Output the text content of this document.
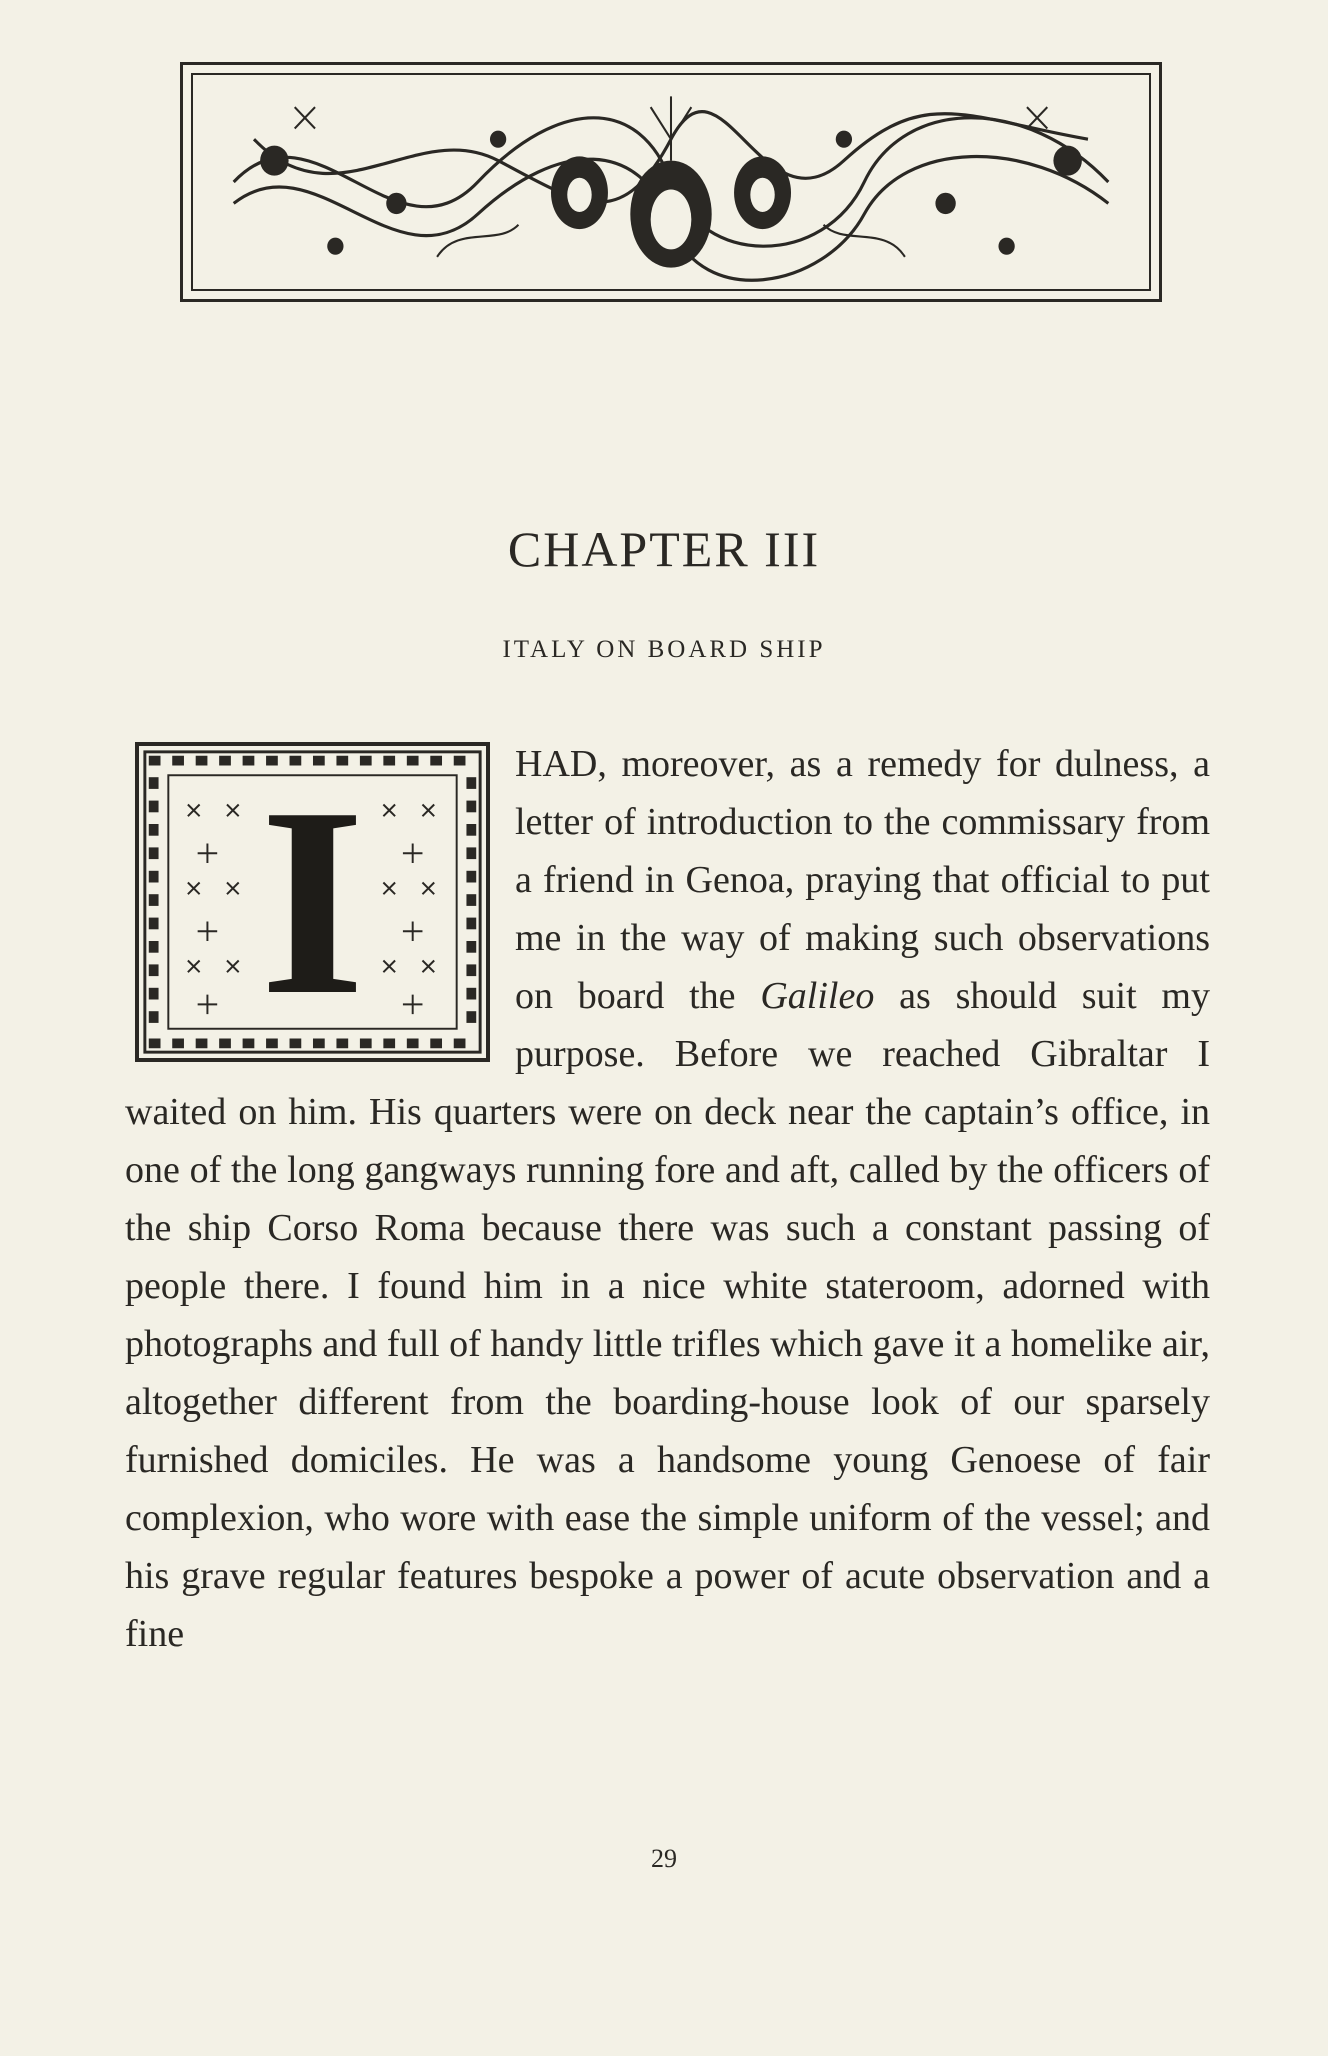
CHAPTER III
ITALY ON BOARD SHIP

HAD, moreover, as a remedy for dulness, a letter of introduction to the commissary from a friend in Genoa, praying that official to put me in the way of making such observations on board the Galileo as should suit my purpose. Before we reached Gibraltar I waited on him. His quarters were on deck near the captain’s office, in one of the long gangways running fore and aft, called by the officers of the ship Corso Roma because there was such a constant passing of people there. I found him in a nice white stateroom, adorned with photographs and full of handy little trifles which gave it a homelike air, altogether different from the boarding-house look of our sparsely furnished domiciles. He was a handsome young Genoese of fair complexion, who wore with ease the simple uniform of the vessel; and his grave regular features bespoke a power of acute observation and a fine

I

29
